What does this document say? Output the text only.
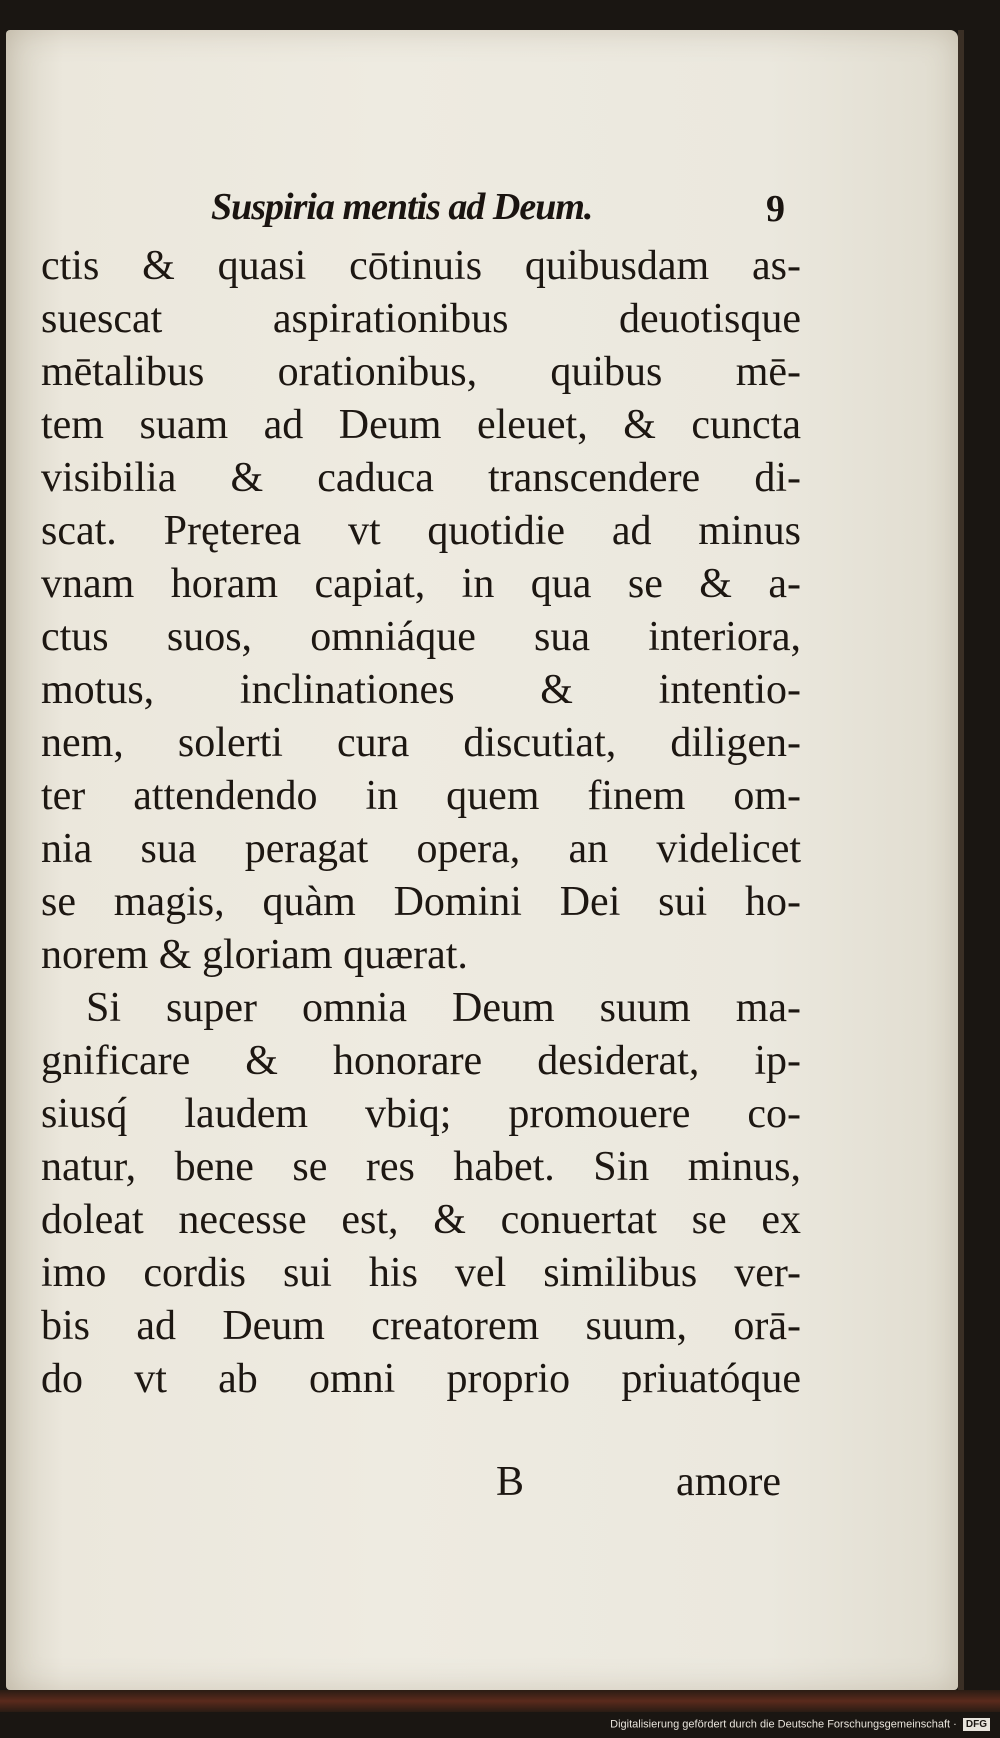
Suspiria mentis ad Deum.	9
ctis & quasi cōtinuis quibusdam as-
suescat aspirationibus deuotisque
mētalibus orationibus, quibus mē-
tem suam ad Deum eleuet, & cuncta
visibilia & caduca transcendere di-
scat. Pręterea vt quotidie ad minus
vnam horam capiat, in qua se & a-
ctus suos, omniáque sua interiora,
motus, inclinationes & intentio-
nem, solerti cura discutiat, diligen-
ter attendendo in quem finem om-
nia sua peragat opera, an videlicet
se magis, quàm Domini Dei sui ho-
norem & gloriam quærat.
Si super omnia Deum suum ma-
gnificare & honorare desiderat, ip-
siusq́ laudem vbiq; promouere co-
natur, bene se res habet. Sin minus,
doleat necesse est, & conuertat se ex
imo cordis sui his vel similibus ver-
bis ad Deum creatorem suum, orā-
do vt ab omni proprio priuatóque
B	amore
Digitalisierung gefördert durch die Deutsche Forschungsgemeinschaft · DFG
